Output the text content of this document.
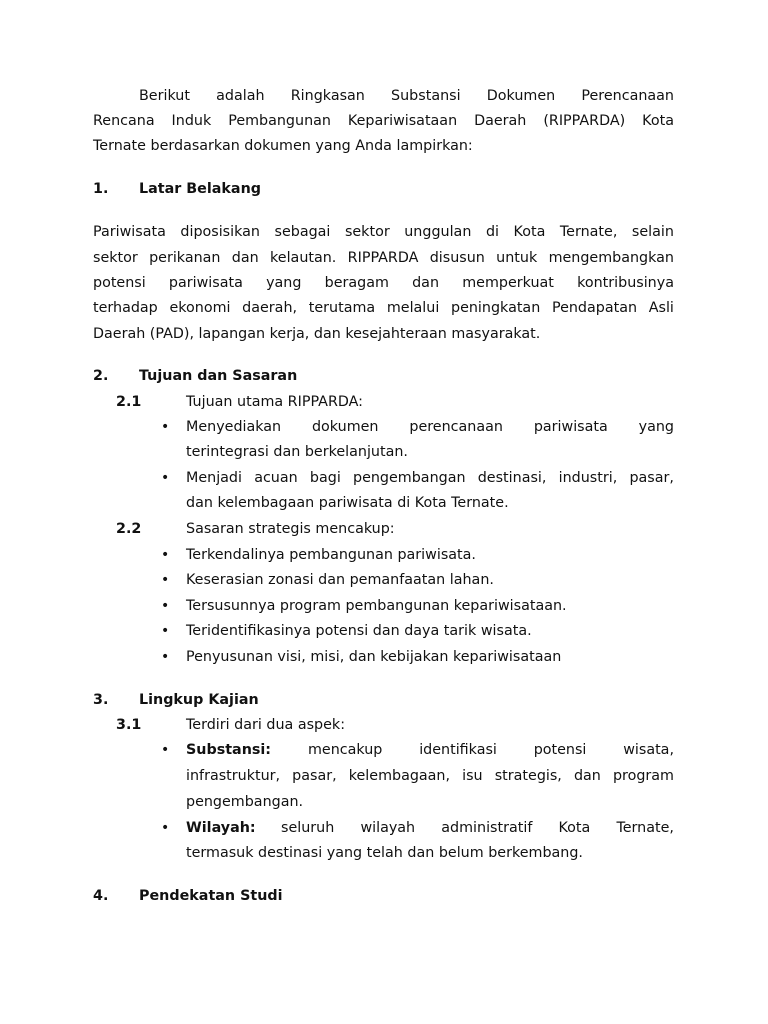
Berikut adalah Ringkasan Substansi Dokumen Perencanaan
Rencana Induk Pembangunan Kepariwisataan Daerah (RIPPARDA) Kota
Ternate berdasarkan dokumen yang Anda lampirkan:
1. Latar Belakang
Pariwisata diposisikan sebagai sektor unggulan di Kota Ternate, selain
sektor perikanan dan kelautan. RIPPARDA disusun untuk mengembangkan
potensi pariwisata yang beragam dan memperkuat kontribusinya
terhadap ekonomi daerah, terutama melalui peningkatan Pendapatan Asli
Daerah (PAD), lapangan kerja, dan kesejahteraan masyarakat.
2. Tujuan dan Sasaran
2.1	Tujuan utama RIPPARDA:
• Menyediakan dokumen perencanaan pariwisata yang
terintegrasi dan berkelanjutan.
• Menjadi acuan bagi pengembangan destinasi, industri, pasar,
dan kelembagaan pariwisata di Kota Ternate.
2.2	Sasaran strategis mencakup:
• Terkendalinya pembangunan pariwisata.
• Keserasian zonasi dan pemanfaatan lahan.
• Tersusunnya program pembangunan kepariwisataan.
• Teridentifikasinya potensi dan daya tarik wisata.
• Penyusunan visi, misi, dan kebijakan kepariwisataan
3. Lingkup Kajian
3.1	Terdiri dari dua aspek:
• Substansi:	mencakup	identifikasi	potensi	wisata,
infrastruktur, pasar, kelembagaan, isu strategis, dan program
pengembangan.
• Wilayah: seluruh wilayah administratif Kota Ternate,
termasuk destinasi yang telah dan belum berkembang.
4. Pendekatan Studi
